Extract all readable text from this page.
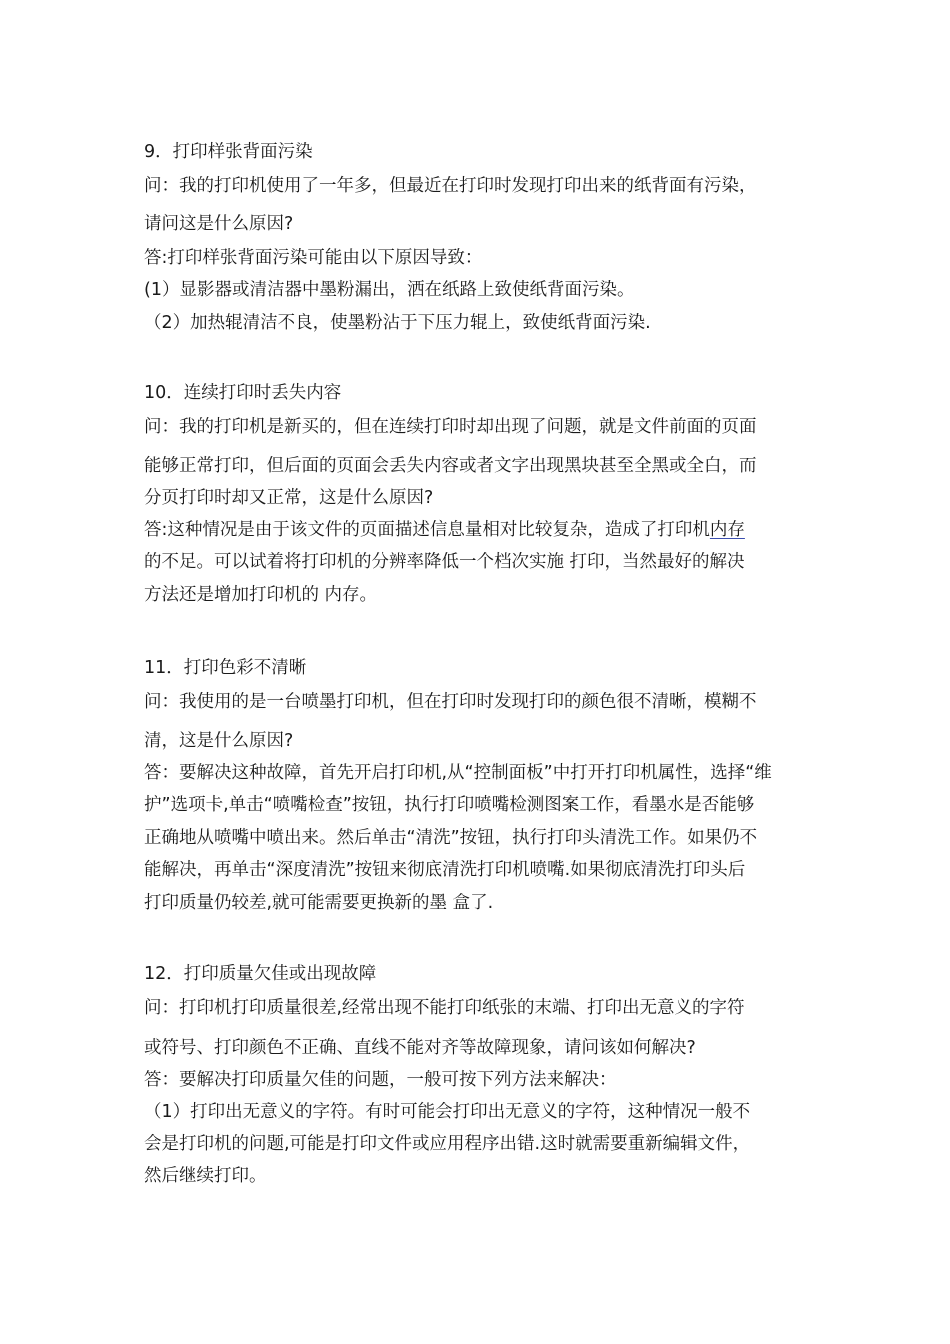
9．打印样张背面污染
问：我的打印机使用了一年多，但最近在打印时发现打印出来的纸背面有污染，
请问这是什么原因?
答:打印样张背面污染可能由以下原因导致：
(1）显影器或清洁器中墨粉漏出，洒在纸路上致使纸背面污染。
（2）加热辊清洁不良，使墨粉沾于下压力辊上，致使纸背面污染.
10．连续打印时丢失内容
问：我的打印机是新买的，但在连续打印时却出现了问题，就是文件前面的页面
能够正常打印，但后面的页面会丢失内容或者文字出现黑块甚至全黑或全白，而
分页打印时却又正常，这是什么原因?
答:这种情况是由于该文件的页面描述信息量相对比较复杂，造成了打印机内存
的不足。可以试着将打印机的分辨率降低一个档次实施 打印，当然最好的解决
方法还是增加打印机的 内存。
11．打印色彩不清晰
问：我使用的是一台喷墨打印机，但在打印时发现打印的颜色很不清晰，模糊不
清，这是什么原因?
答：要解决这种故障，首先开启打印机,从“控制面板”中打开打印机属性，选择“维
护”选项卡,单击“喷嘴检查”按钮，执行打印喷嘴检测图案工作，看墨水是否能够
正确地从喷嘴中喷出来。然后单击“清洗”按钮，执行打印头清洗工作。如果仍不
能解决，再单击“深度清洗”按钮来彻底清洗打印机喷嘴.如果彻底清洗打印头后
打印质量仍较差,就可能需要更换新的墨 盒了.
12．打印质量欠佳或出现故障
问：打印机打印质量很差,经常出现不能打印纸张的末端、打印出无意义的字符
或符号、打印颜色不正确、直线不能对齐等故障现象，请问该如何解决?
答：要解决打印质量欠佳的问题，一般可按下列方法来解决：
（1）打印出无意义的字符。有时可能会打印出无意义的字符，这种情况一般不
会是打印机的问题,可能是打印文件或应用程序出错.这时就需要重新编辑文件，
然后继续打印。
